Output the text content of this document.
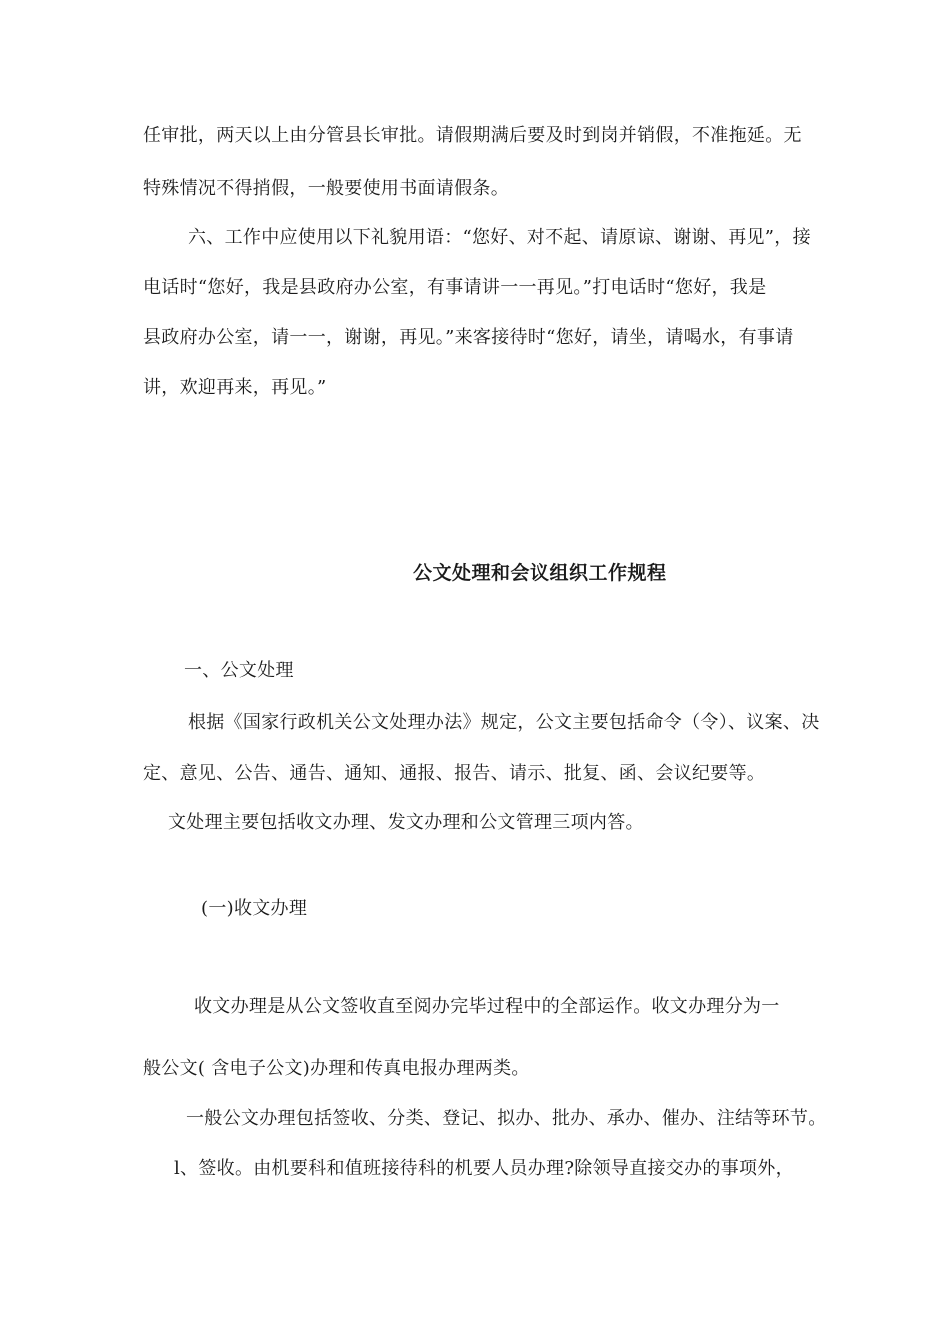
任审批，两天以上由分管县长审批。请假期满后要及时到岗并销假，不准拖延。无
特殊情况不得捎假，一般要使用书面请假条。
六、工作中应使用以下礼貌用语：“您好、对不起、请原谅、谢谢、再见”，接
电话时“您好，我是县政府办公室，有事请讲一一再见。”打电话时“您好，我是
县政府办公室，请一一，谢谢，再见。”来客接待时“您好，请坐，请喝水，有事请
讲，欢迎再来，再见。”
公文处理和会议组织工作规程
一、公文处理
根据《国家行政机关公文处理办法》规定，公文主要包括命令（令）、议案、决
定、意见、公告、通告、通知、通报、报告、请示、批复、函、会议纪要等。
文处理主要包括收文办理、发文办理和公文管理三项内答。
(一)收文办理
收文办理是从公文签收直至阅办完毕过程中的全部运作。收文办理分为一
般公文( 含电子公文)办理和传真电报办理两类。
一般公文办理包括签收、分类、登记、拟办、批办、承办、催办、注结等环节。
l、签收。由机要科和值班接待科的机要人员办理?除领导直接交办的事项外，
